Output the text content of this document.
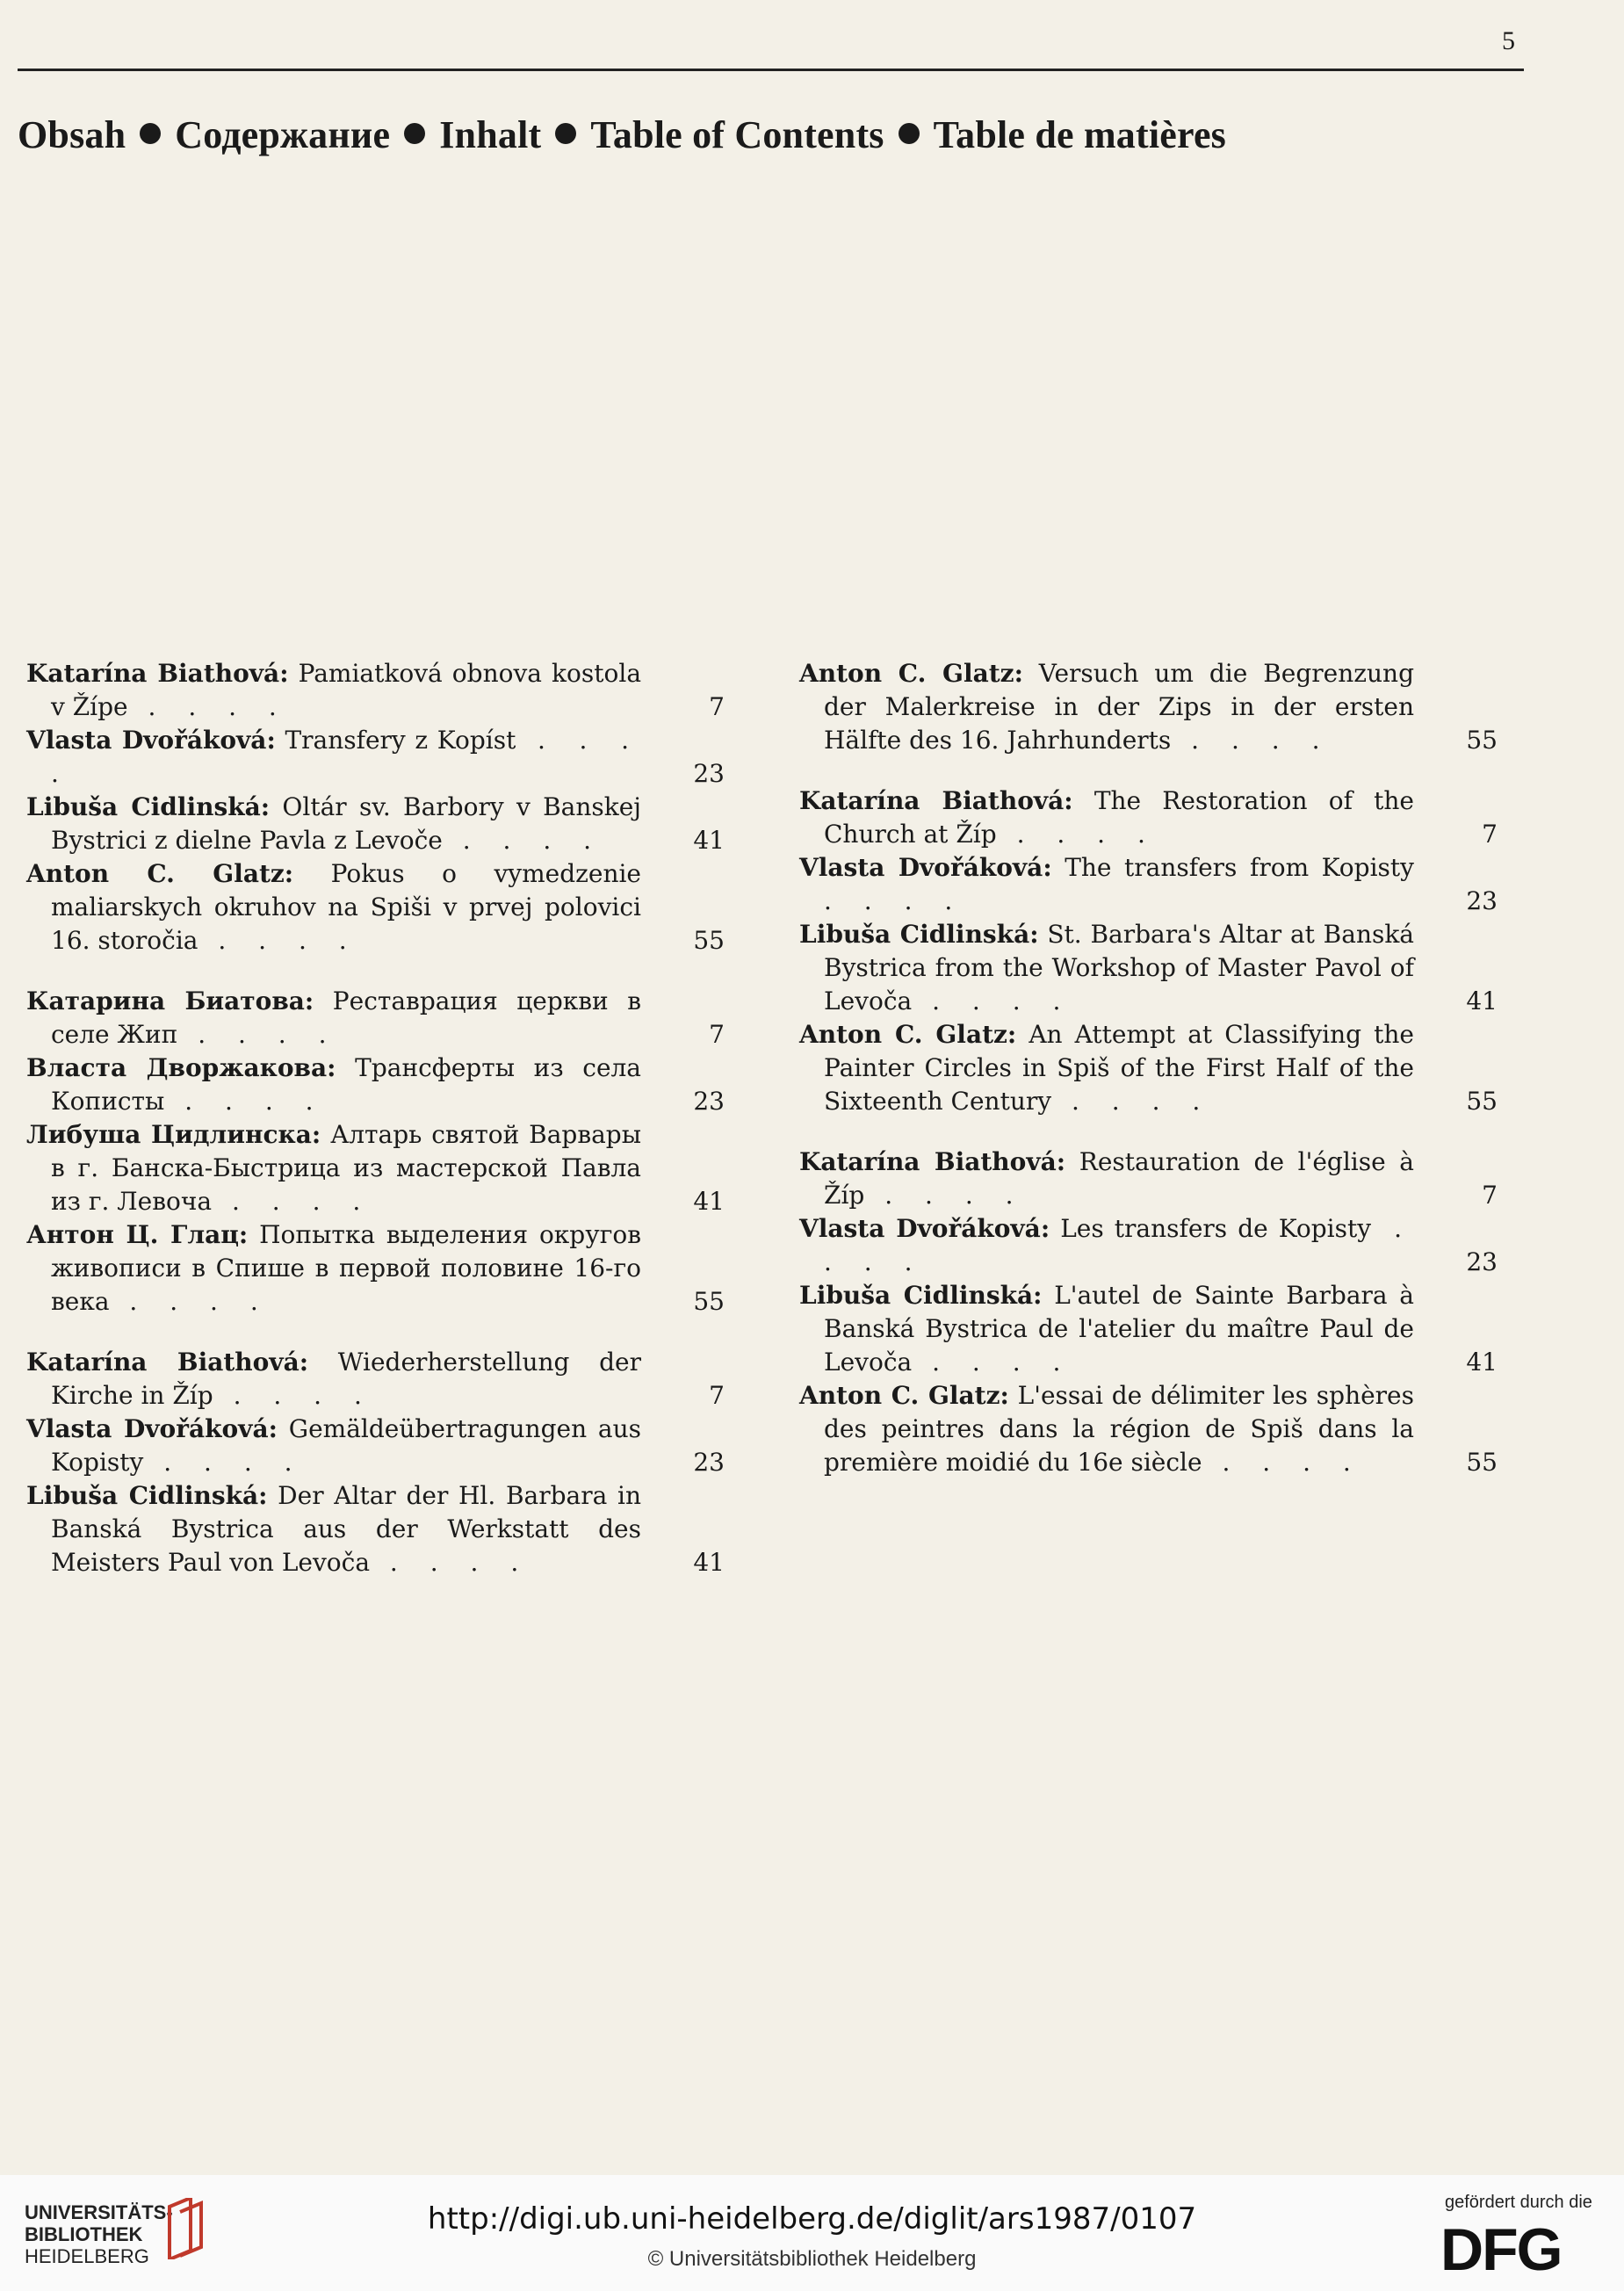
5
Obsah Содержание Inhalt Table of Contents Table de matières
Katarína Biathová: Pamiatková obnova kostola v Žípe . . . .	7
Vlasta Dvořáková: Transfery z Kopíst . . . .	23
Libuša Cidlinská: Oltár sv. Barbory v Banskej Bystrici z dielne Pavla z Levoče . . . .	41
Anton C. Glatz: Pokus o vymedzenie maliarskych okruhov na Spiši v prvej polovici 16. storočia . . . .	55
Катарина Биатова: Реставрация церкви в селе Жип . . . .	7
Власта Дворжакова: Трансферты из села Кописты . . . .	23
Либуша Цидлинска: Алтарь святой Варвары в г. Банска-Быстрица из мастерской Павла из г. Левоча . . . .	41
Антон Ц. Глац: Попытка выделения округов живописи в Спише в первой половине 16-го века . . . .	55
Katarína Biathová: Wiederherstellung der Kirche in Žíp . . . .	7
Vlasta Dvořáková: Gemäldeübertragungen aus Kopisty . . . .	23
Libuša Cidlinská: Der Altar der Hl. Barbara in Banská Bystrica aus der Werkstatt des Meisters Paul von Levoča . . . .	41
Anton C. Glatz: Versuch um die Begrenzung der Malerkreise in der Zips in der ersten Hälfte des 16. Jahrhunderts . . . .	55
Katarína Biathová: The Restoration of the Church at Žíp . . . .	7
Vlasta Dvořáková: The transfers from Kopisty . . . .	23
Libuša Cidlinská: St. Barbara's Altar at Banská Bystrica from the Workshop of Master Pavol of Levoča . . . .	41
Anton C. Glatz: An Attempt at Classifying the Painter Circles in Spiš of the First Half of the Sixteenth Century . . . .	55
Katarína Biathová: Restauration de l'église à Žíp . . . .	7
Vlasta Dvořáková: Les transfers de Kopisty . . . .	23
Libuša Cidlinská: L'autel de Sainte Barbara à Banská Bystrica de l'atelier du maître Paul de Levoča . . . .	41
Anton C. Glatz: L'essai de délimiter les sphères des peintres dans la région de Spiš dans la première moidié du 16e siècle . . . .	55
UNIVERSITÄTS-
BIBLIOTHEK
HEIDELBERG
http://digi.ub.uni-heidelberg.de/diglit/ars1987/0107
© Universitätsbibliothek Heidelberg
gefördert durch die
DFG
